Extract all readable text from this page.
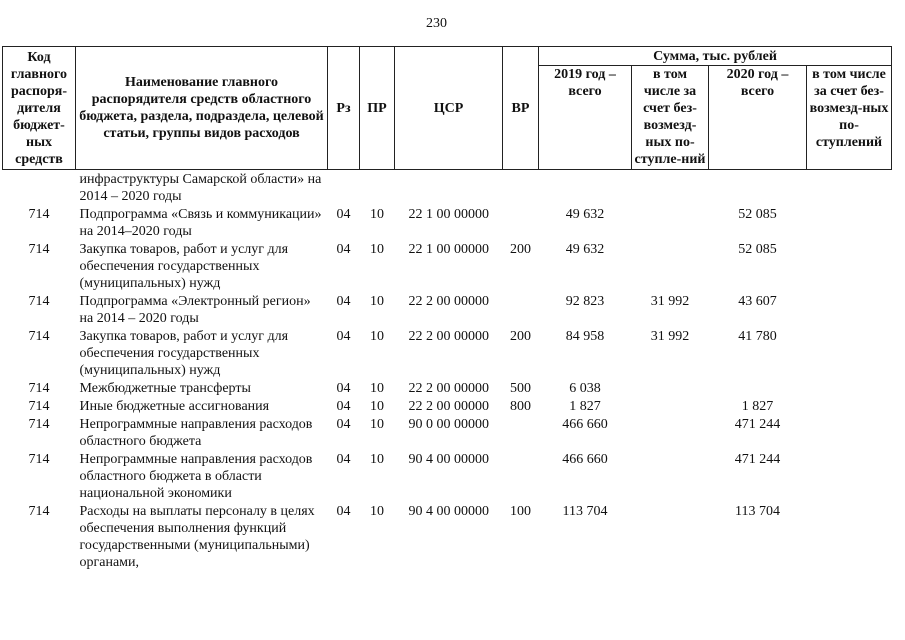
230
Код главного распоря-дителя бюджет-ных средств	Наименование главного распорядителя средств областного бюджета, раздела, подраздела, целевой статьи, группы видов расходов	Рз	ПР	ЦСР	ВР	Сумма, тыс. рублей			
						2019 год – всего	в том числе за счет без-возмезд-ных по-ступле-ний	2020 год – всего	в том числе за счет без-возмезд-ных по-ступлений
	инфраструктуры Самарской области» на 2014 – 2020 годы								
714	Подпрограмма «Связь и коммуникации» на 2014–2020 годы	04	10	22 1 00 00000		49 632		52 085	
714	Закупка товаров, работ и услуг для обеспечения государственных (муниципальных) нужд	04	10	22 1 00 00000	200	49 632		52 085	
714	Подпрограмма «Электронный регион» на 2014 – 2020 годы	04	10	22 2 00 00000		92 823	31 992	43 607	
714	Закупка товаров, работ и услуг для обеспечения государственных (муниципальных) нужд	04	10	22 2 00 00000	200	84 958	31 992	41 780	
714	Межбюджетные трансферты	04	10	22 2 00 00000	500	6 038			
714	Иные бюджетные ассигнования	04	10	22 2 00 00000	800	1 827		1 827	
714	Непрограммные направления расходов областного бюджета	04	10	90 0 00 00000		466 660		471 244	
714	Непрограммные направления расходов областного бюджета в области национальной экономики	04	10	90 4 00 00000		466 660		471 244	
714	Расходы на выплаты персоналу в целях обеспечения выполнения функций государственными (муниципальными) органами,	04	10	90 4 00 00000	100	113 704		113 704	
